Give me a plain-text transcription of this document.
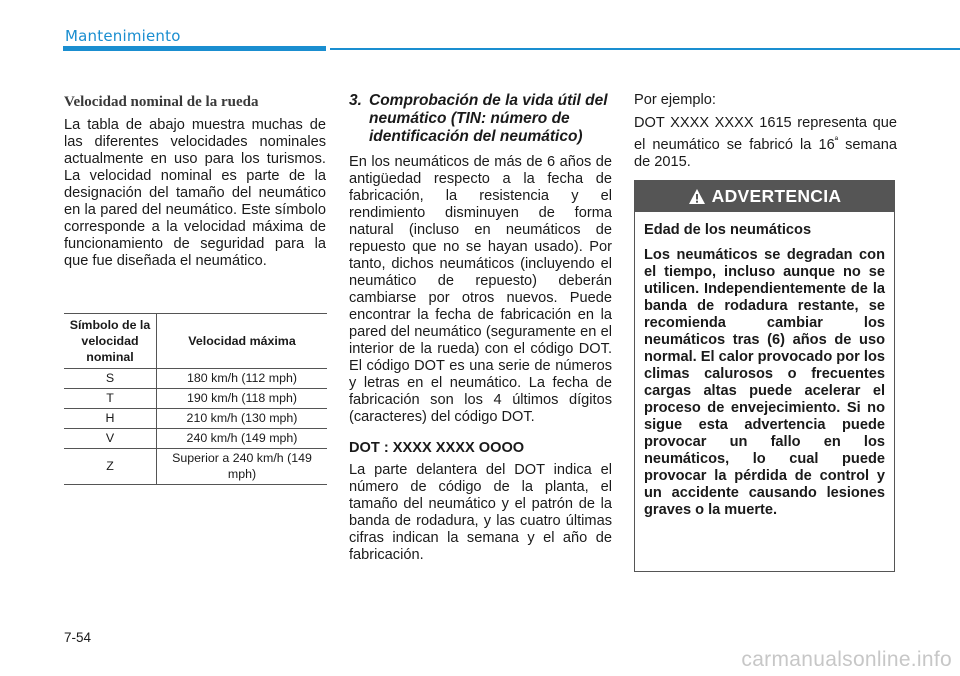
Mantenimiento
Velocidad nominal de la rueda

La tabla de abajo muestra muchas de las diferentes velocidades nominales actualmente en uso para los turismos. La velocidad nominal es parte de la designación del tamaño del neumático en la pared del neumático. Este símbolo corresponde a la velocidad máxima de funcionamiento de seguridad para la que fue diseñada el neumático.

Símbolo de la velocidad nominal	Velocidad máxima
S	180 km/h (112 mph)
T	190 km/h (118 mph)
H	210 km/h (130 mph)
V	240 km/h (149 mph)
Z	Superior a 240 km/h (149 mph)
3. Comprobación de la vida útil del neumático (TIN: número de identificación del neumático)

En los neumáticos de más de 6 años de antigüedad respecto a la fecha de fabricación, la resistencia y el rendimiento disminuyen de forma natural (incluso en neumáticos de repuesto que no se hayan usado). Por tanto, dichos neumáticos (incluyendo el neumático de repuesto) deberán cambiarse por otros nuevos. Puede encontrar la fecha de fabricación en la pared del neumático (seguramente en el interior de la rueda) con el código DOT. El código DOT es una serie de números y letras en el neumático. La fecha de fabricación son los 4 últimos dígitos (caracteres) del código DOT.

DOT : XXXX XXXX OOOO

La parte delantera del DOT indica el número de código de la planta, el tamaño del neumático y el patrón de la banda de rodadura, y las cuatro últimas cifras indican la semana y el año de fabricación.

Por ejemplo:

DOT XXXX XXXX 1615 representa que el neumático se fabricó la $16^ª$ semana de 2015.

ADVERTENCIA

Edad de los neumáticos

Los neumáticos se degradan con el tiempo, incluso aunque no se utilicen. Independientemente de la banda de rodadura restante, se recomienda cambiar los neumáticos tras (6) años de uso normal. El calor provocado por los climas calurosos o frecuentes cargas altas puede acelerar el proceso de envejecimiento. Si no sigue esta advertencia puede provocar un fallo en los neumáticos, lo cual puede provocar la pérdida de control y un accidente causando lesiones graves o la muerte.

7-54
carmanualsonline.info
